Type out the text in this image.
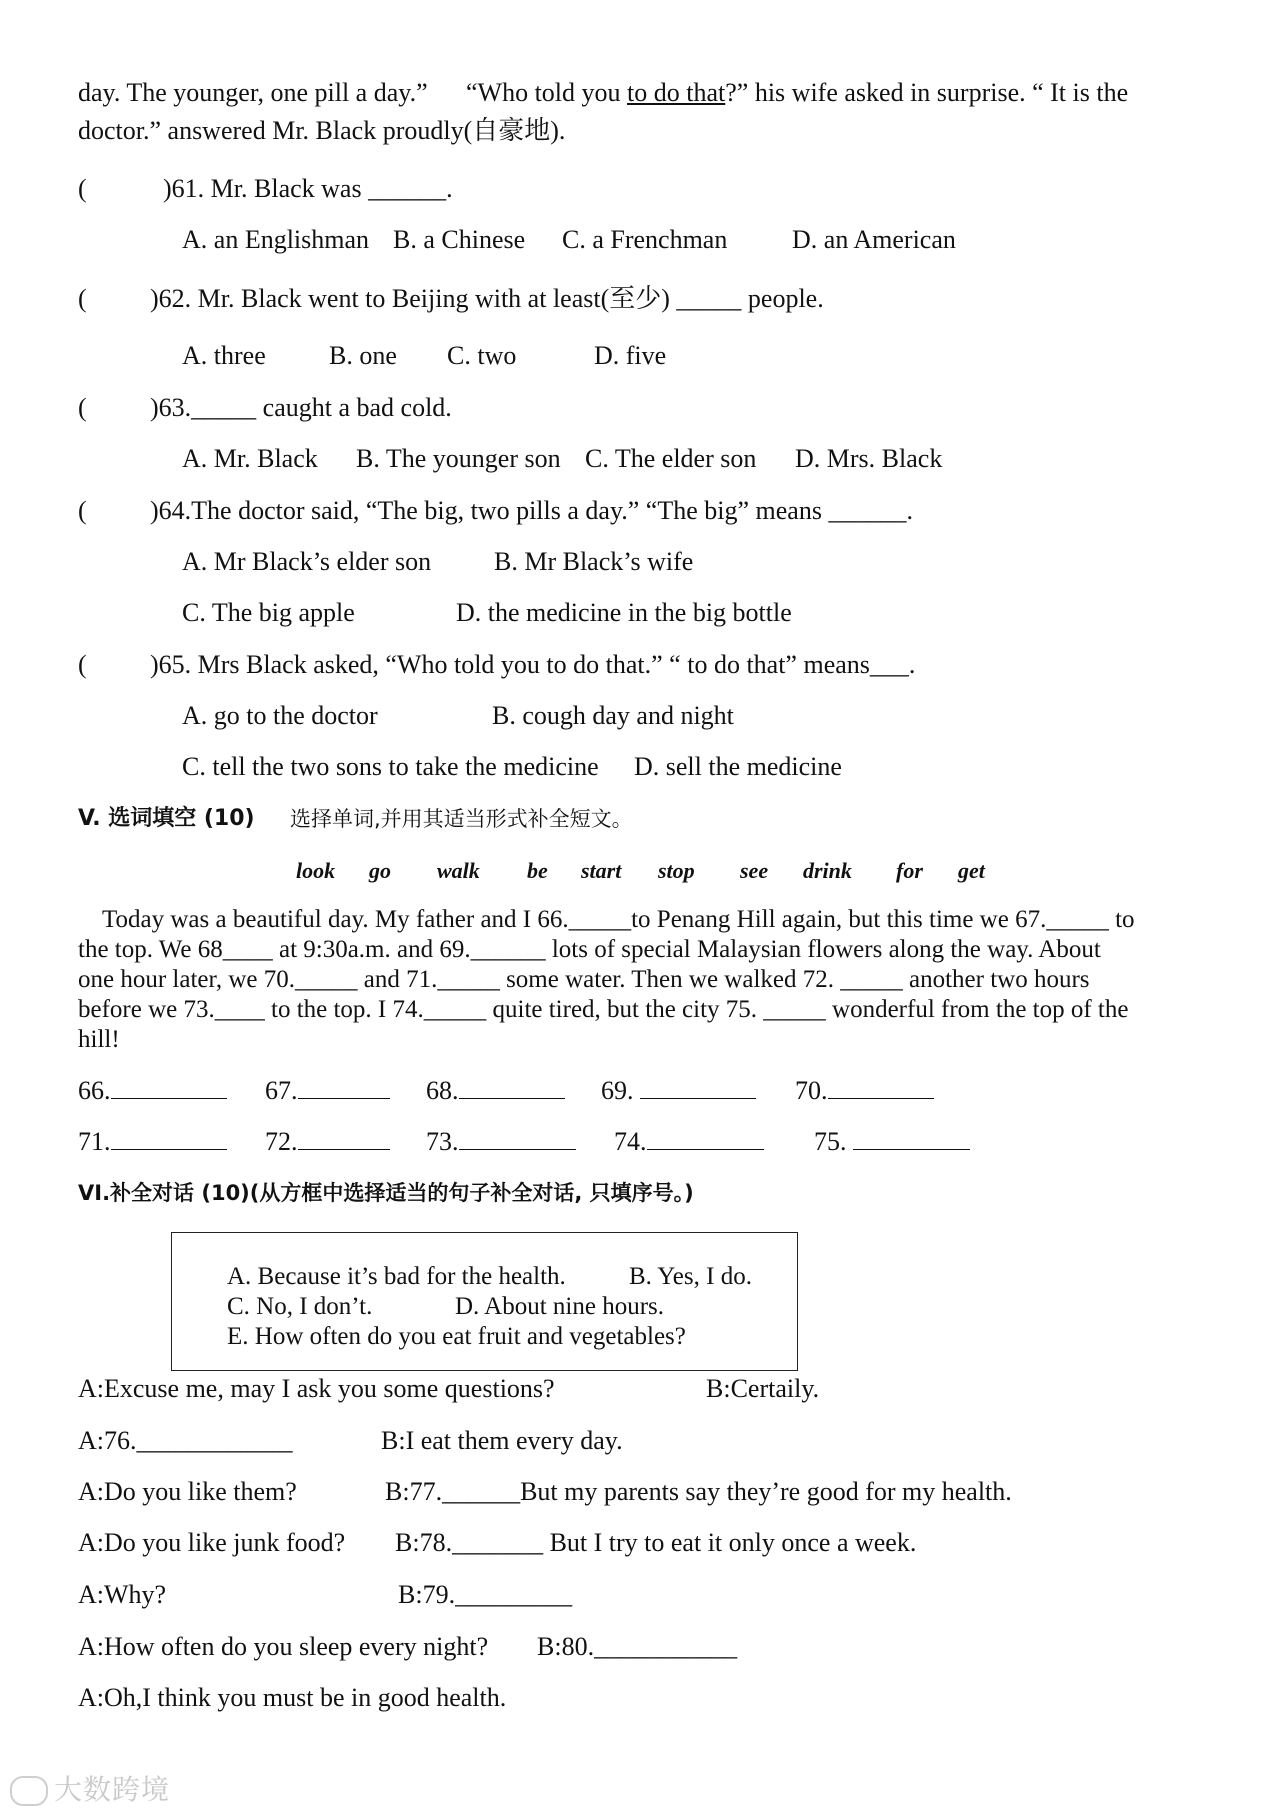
day. The younger, one pill a day.” “Who told you to do that?” his wife asked in surprise. “ It is the
doctor.” answered Mr. Black proudly(自豪地).
(	)61. Mr. Black was ______.
A. an Englishman B. a Chinese C. a Frenchman D. an American
( )62. Mr. Black went to Beijing with at least(至少) _____ people.
A. three B. one C. two	D. five
( )63._____ caught a bad cold.
A. Mr. Black B. The younger son C. The elder son D. Mrs. Black
( )64.The doctor said, “The big, two pills a day.” “The big” means ______.
A. Mr Black’s elder son B. Mr Black’s wife
C. The big apple	D. the medicine in the big bottle
( )65. Mrs Black asked, “Who told you to do that.” “ to do that” means___.
A. go to the doctor	B. cough day and night
C. tell the two sons to take the medicine D. sell the medicine
V. 选词填空 (10) 选择单词,并用其适当形式补全短文。
look go walk be start stop see drink for get
Today was a beautiful day. My father and I 66._____to Penang Hill again, but this time we 67._____ to
the top. We 68____ at 9:30a.m. and 69.______ lots of special Malaysian flowers along the way. About
one hour later, we 70._____ and 71._____ some water. Then we walked 72. _____ another two hours
before we 73.____ to the top. I 74._____ quite tired, but the city 75. _____ wonderful from the top of the
hill!
66.	67.	68.	69.	70.
71.	72.	73.	74.	75.
VI.补全对话 (10)(从方框中选择适当的句子补全对话, 只填序号。)
A. Because it’s bad for the health.	B. Yes, I do.
C. No, I don’t.	D. About nine hours.
E. How often do you eat fruit and vegetables?
A:Excuse me, may I ask you some questions?	B:Certaily.
A:76.____________	B:I eat them every day.
A:Do you like them?	B:77.______But my parents say they’re good for my health.
A:Do you like junk food? B:78._______ But I try to eat it only once a week.
A:Why?	B:79._________
A:How often do you sleep every night? B:80.___________
A:Oh,I think you must be in good health.
大数跨境
